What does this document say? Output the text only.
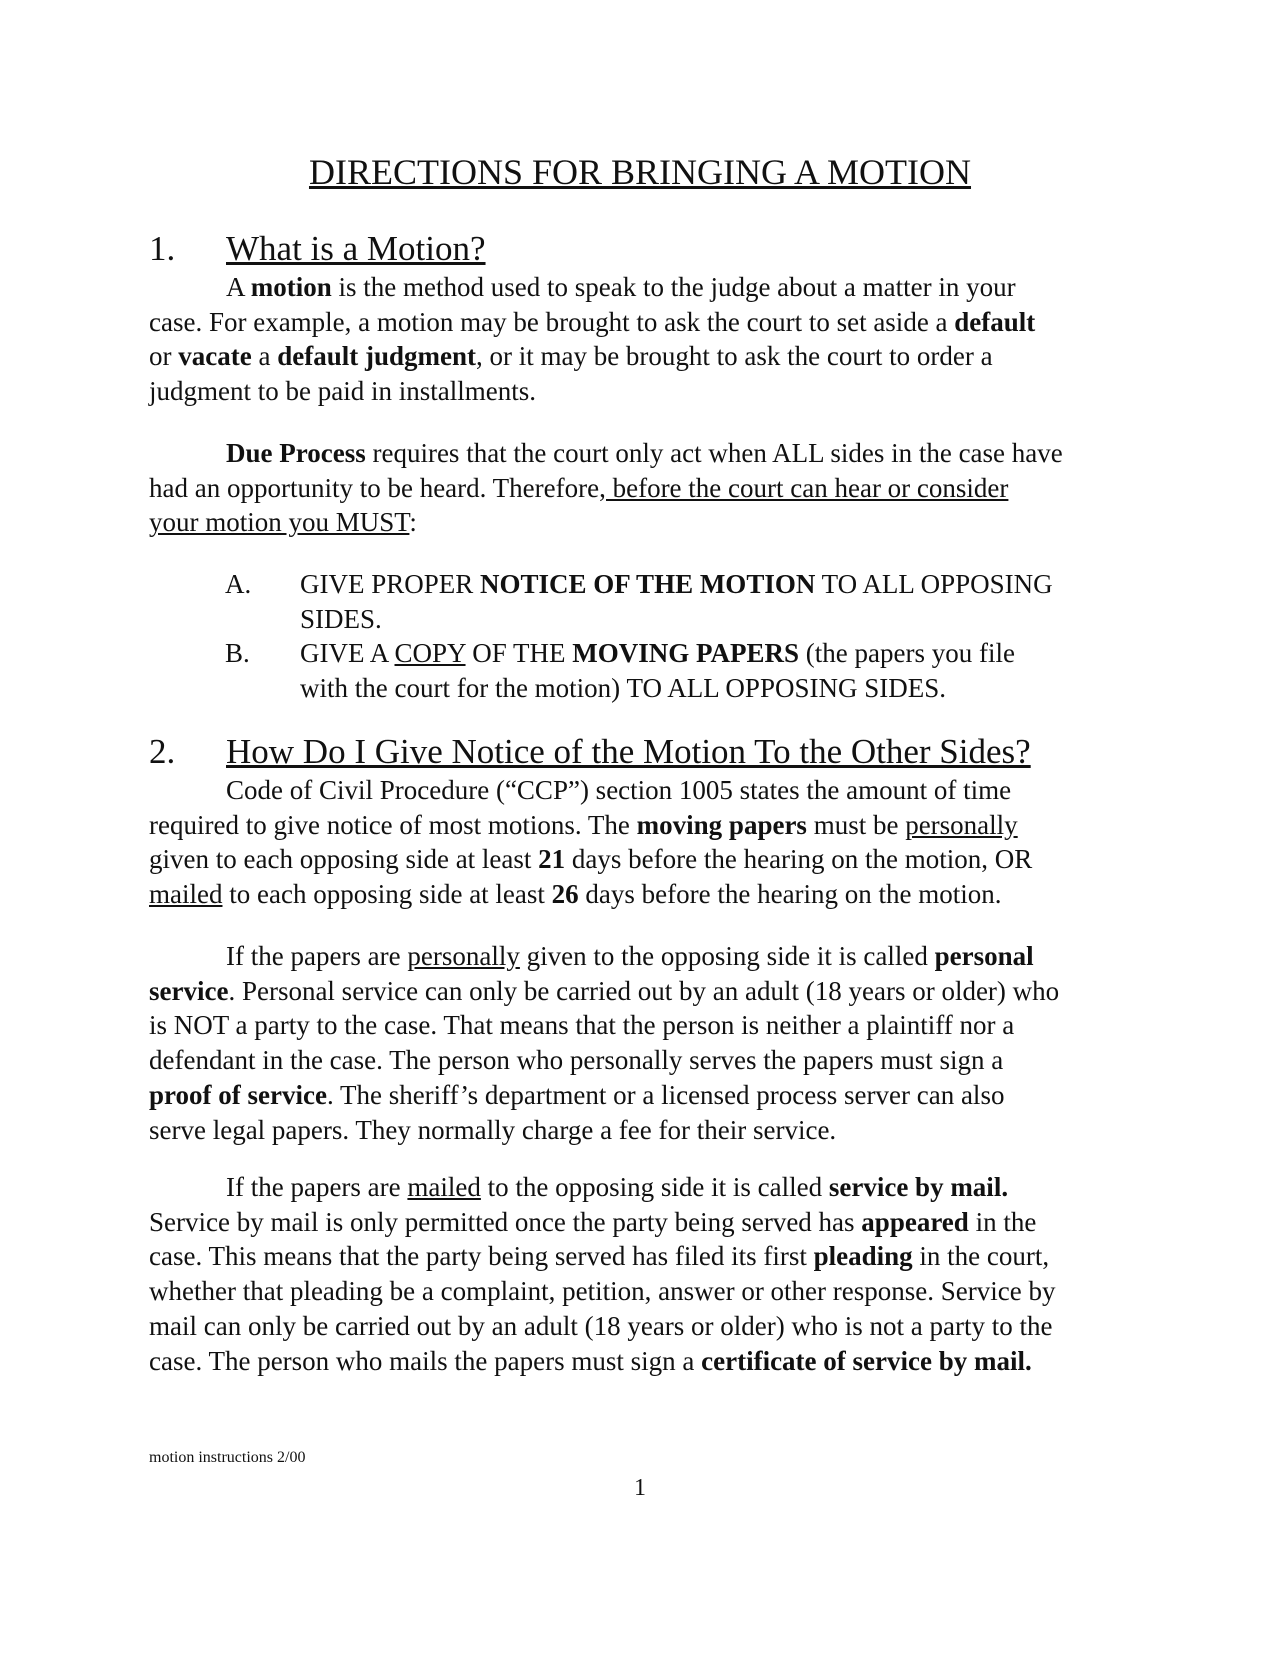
DIRECTIONS FOR BRINGING A MOTION
1. What is a Motion?
A motion is the method used to speak to the judge about a matter in your
case. For example, a motion may be brought to ask the court to set aside a default
or vacate a default judgment, or it may be brought to ask the court to order a
judgment to be paid in installments.
Due Process requires that the court only act when ALL sides in the case have
had an opportunity to be heard. Therefore, before the court can hear or consider
your motion you MUST:
A. GIVE PROPER NOTICE OF THE MOTION TO ALL OPPOSING
SIDES.
B. GIVE A COPY OF THE MOVING PAPERS (the papers you file
with the court for the motion) TO ALL OPPOSING SIDES.
2. How Do I Give Notice of the Motion To the Other Sides?
Code of Civil Procedure (“CCP”) section 1005 states the amount of time
required to give notice of most motions. The moving papers must be personally
given to each opposing side at least 21 days before the hearing on the motion, OR
mailed to each opposing side at least 26 days before the hearing on the motion.
If the papers are personally given to the opposing side it is called personal
service. Personal service can only be carried out by an adult (18 years or older) who
is NOT a party to the case. That means that the person is neither a plaintiff nor a
defendant in the case. The person who personally serves the papers must sign a
proof of service. The sheriff’s department or a licensed process server can also
serve legal papers. They normally charge a fee for their service.
If the papers are mailed to the opposing side it is called service by mail.
Service by mail is only permitted once the party being served has appeared in the
case. This means that the party being served has filed its first pleading in the court,
whether that pleading be a complaint, petition, answer or other response. Service by
mail can only be carried out by an adult (18 years or older) who is not a party to the
case. The person who mails the papers must sign a certificate of service by mail.
motion instructions 2/00
1
